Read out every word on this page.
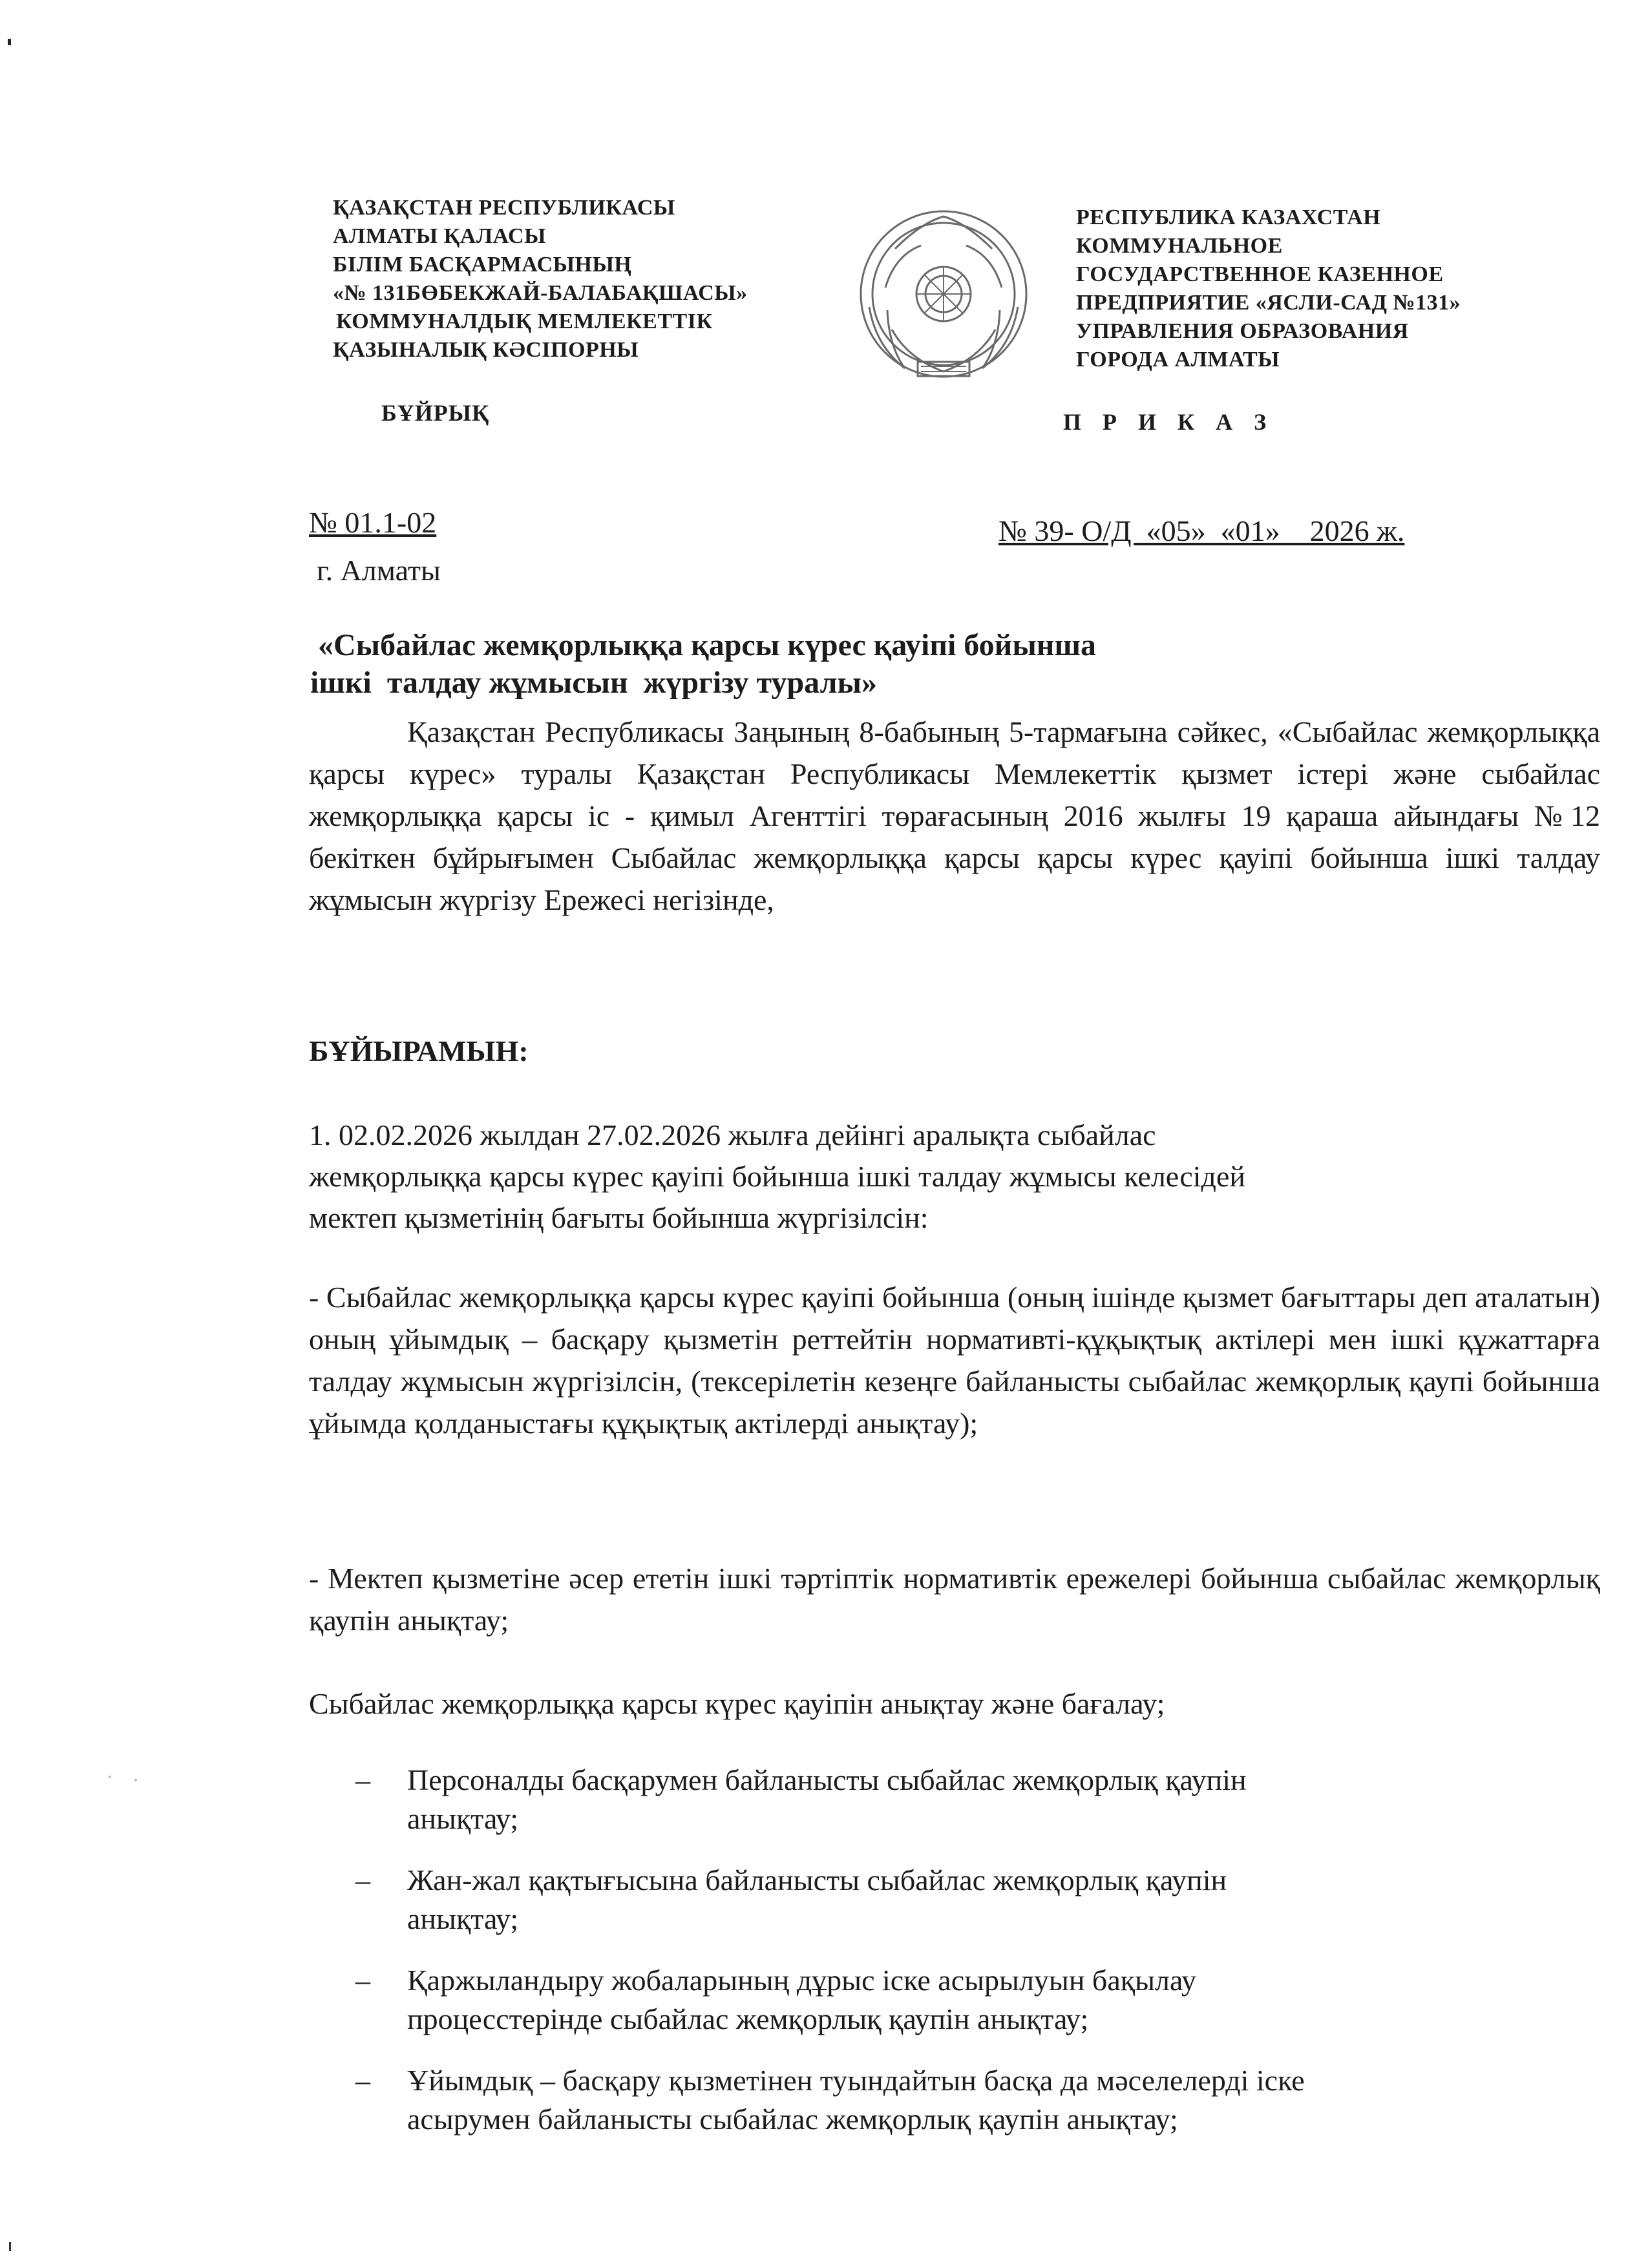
ҚАЗАҚСТАН РЕСПУБЛИКАСЫ
АЛМАТЫ ҚАЛАСЫ
БІЛІМ БАСҚАРМАСЫНЫҢ
«№ 131БӨБЕКЖАЙ-БАЛАБАҚШАСЫ»
КОММУНАЛДЫҚ МЕМЛЕКЕТТІК
ҚАЗЫНАЛЫҚ КӘСІПОРНЫ
БҰЙРЫҚ
РЕСПУБЛИКА КАЗАХСТАН
КОММУНАЛЬНОЕ
ГОСУДАРСТВЕННОЕ КАЗЕННОЕ
ПРЕДПРИЯТИЕ «ЯСЛИ-САД №131»
УПРАВЛЕНИЯ ОБРАЗОВАНИЯ
ГОРОДА АЛМАТЫ
П Р И К А З
№ 01.1-02
г. Алматы
№ 39- О/Д  «05»  «01»    2026 ж.
«Сыбайлас жемқорлыққа қарсы күрес қауіпі бойынша
ішкі  талдау жұмысын  жүргізу туралы»
Қазақстан Республикасы Заңының 8-бабының 5-тармағына сәйкес, «Сыбайлас жемқорлыққа қарсы күрес» туралы Қазақстан Республикасы Мемлекеттік қызмет істері және сыбайлас жемқорлыққа қарсы іс - қимыл Агенттігі төрағасының 2016 жылғы 19 қараша айындағы №12 бекіткен бұйрығымен Сыбайлас жемқорлыққа қарсы қарсы күрес қауіпі бойынша ішкі талдау жұмысын жүргізу Ережесі негізінде,
БҰЙЫРАМЫН:
1. 02.02.2026 жылдан 27.02.2026 жылға дейінгі аралықта сыбайлас
жемқорлыққа қарсы күрес қауіпі бойынша ішкі талдау жұмысы келесідей
мектеп қызметінің бағыты бойынша жүргізілсін:
- Сыбайлас жемқорлыққа қарсы күрес қауіпі бойынша (оның ішінде қызмет бағыттары деп аталатын) оның ұйымдық – басқару қызметін реттейтін нормативті-құқықтық актілері мен ішкі құжаттарға талдау жұмысын жүргізілсін, (тексерілетін кезеңге байланысты сыбайлас жемқорлық қаупі бойынша ұйымда қолданыстағы құқықтық актілерді анықтау);
- Мектеп қызметіне әсер ететін ішкі тәртіптік нормативтік ережелері бойынша сыбайлас жемқорлық қаупін анықтау;
Сыбайлас жемқорлыққа қарсы күрес қауіпін анықтау және бағалау;
– Персоналды басқарумен байланысты сыбайлас жемқорлық қаупін
анықтау;
– Жан-жал қақтығысына байланысты сыбайлас жемқорлық қаупін
анықтау;
– Қаржыландыру жобаларының дұрыс іске асырылуын бақылау
процесстерінде сыбайлас жемқорлық қаупін анықтау;
– Ұйымдық – басқару қызметінен туындайтын басқа да мәселелерді іске
асырумен байланысты сыбайлас жемқорлық қаупін анықтау;
